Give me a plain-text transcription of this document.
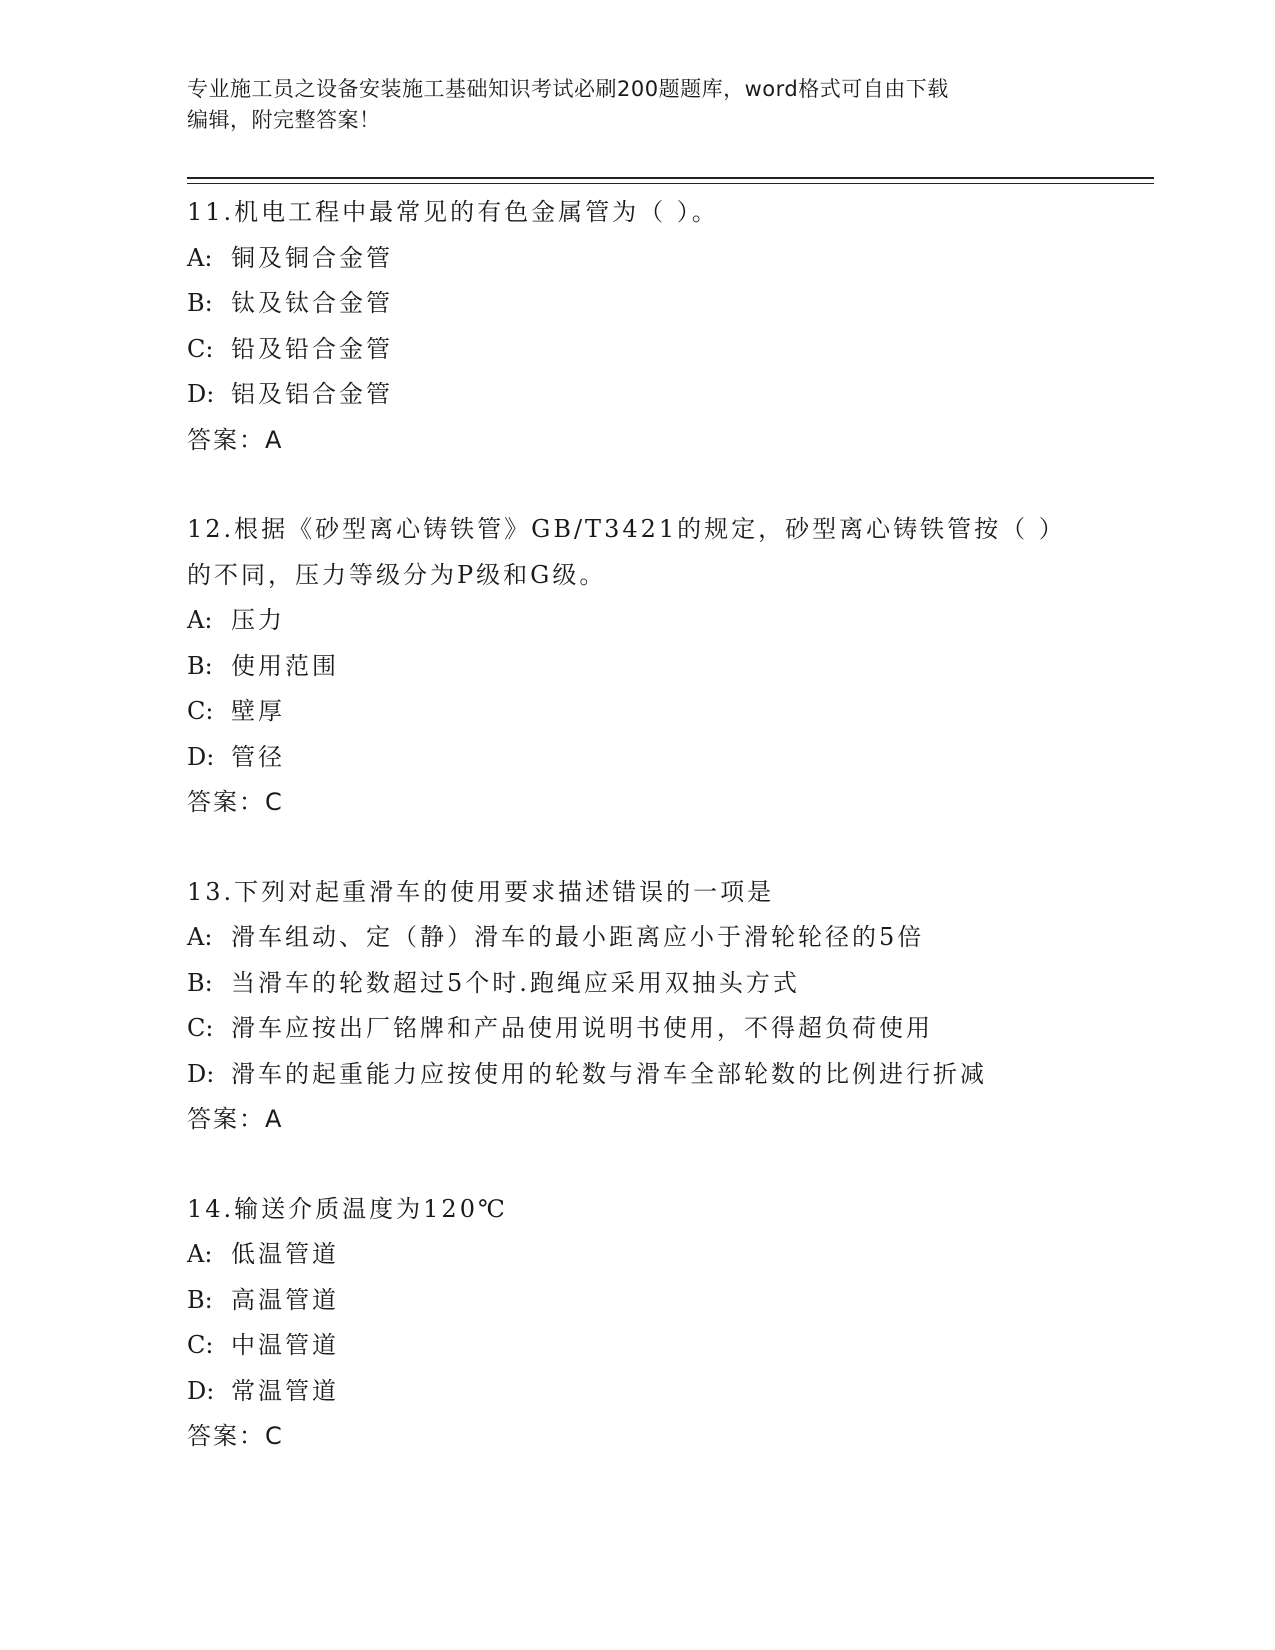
专业施工员之设备安装施工基础知识考试必刷200题题库，word格式可自由下载
编辑，附完整答案！
11.机电工程中最常见的有色金属管为（ ）。
A: 铜及铜合金管
B: 钛及钛合金管
C: 铅及铅合金管
D: 铝及铝合金管
答案：A
12.根据《砂型离心铸铁管》GB/T3421的规定，砂型离心铸铁管按（ ）的不同，压力等级分为P级和G级。
A: 压力
B: 使用范围
C: 壁厚
D: 管径
答案：C
13.下列对起重滑车的使用要求描述错误的一项是
A: 滑车组动、定（静）滑车的最小距离应小于滑轮轮径的5倍
B: 当滑车的轮数超过5个时.跑绳应采用双抽头方式
C: 滑车应按出厂铭牌和产品使用说明书使用，不得超负荷使用
D: 滑车的起重能力应按使用的轮数与滑车全部轮数的比例进行折减
答案：A
14.输送介质温度为120℃
A: 低温管道
B: 高温管道
C: 中温管道
D: 常温管道
答案：C
